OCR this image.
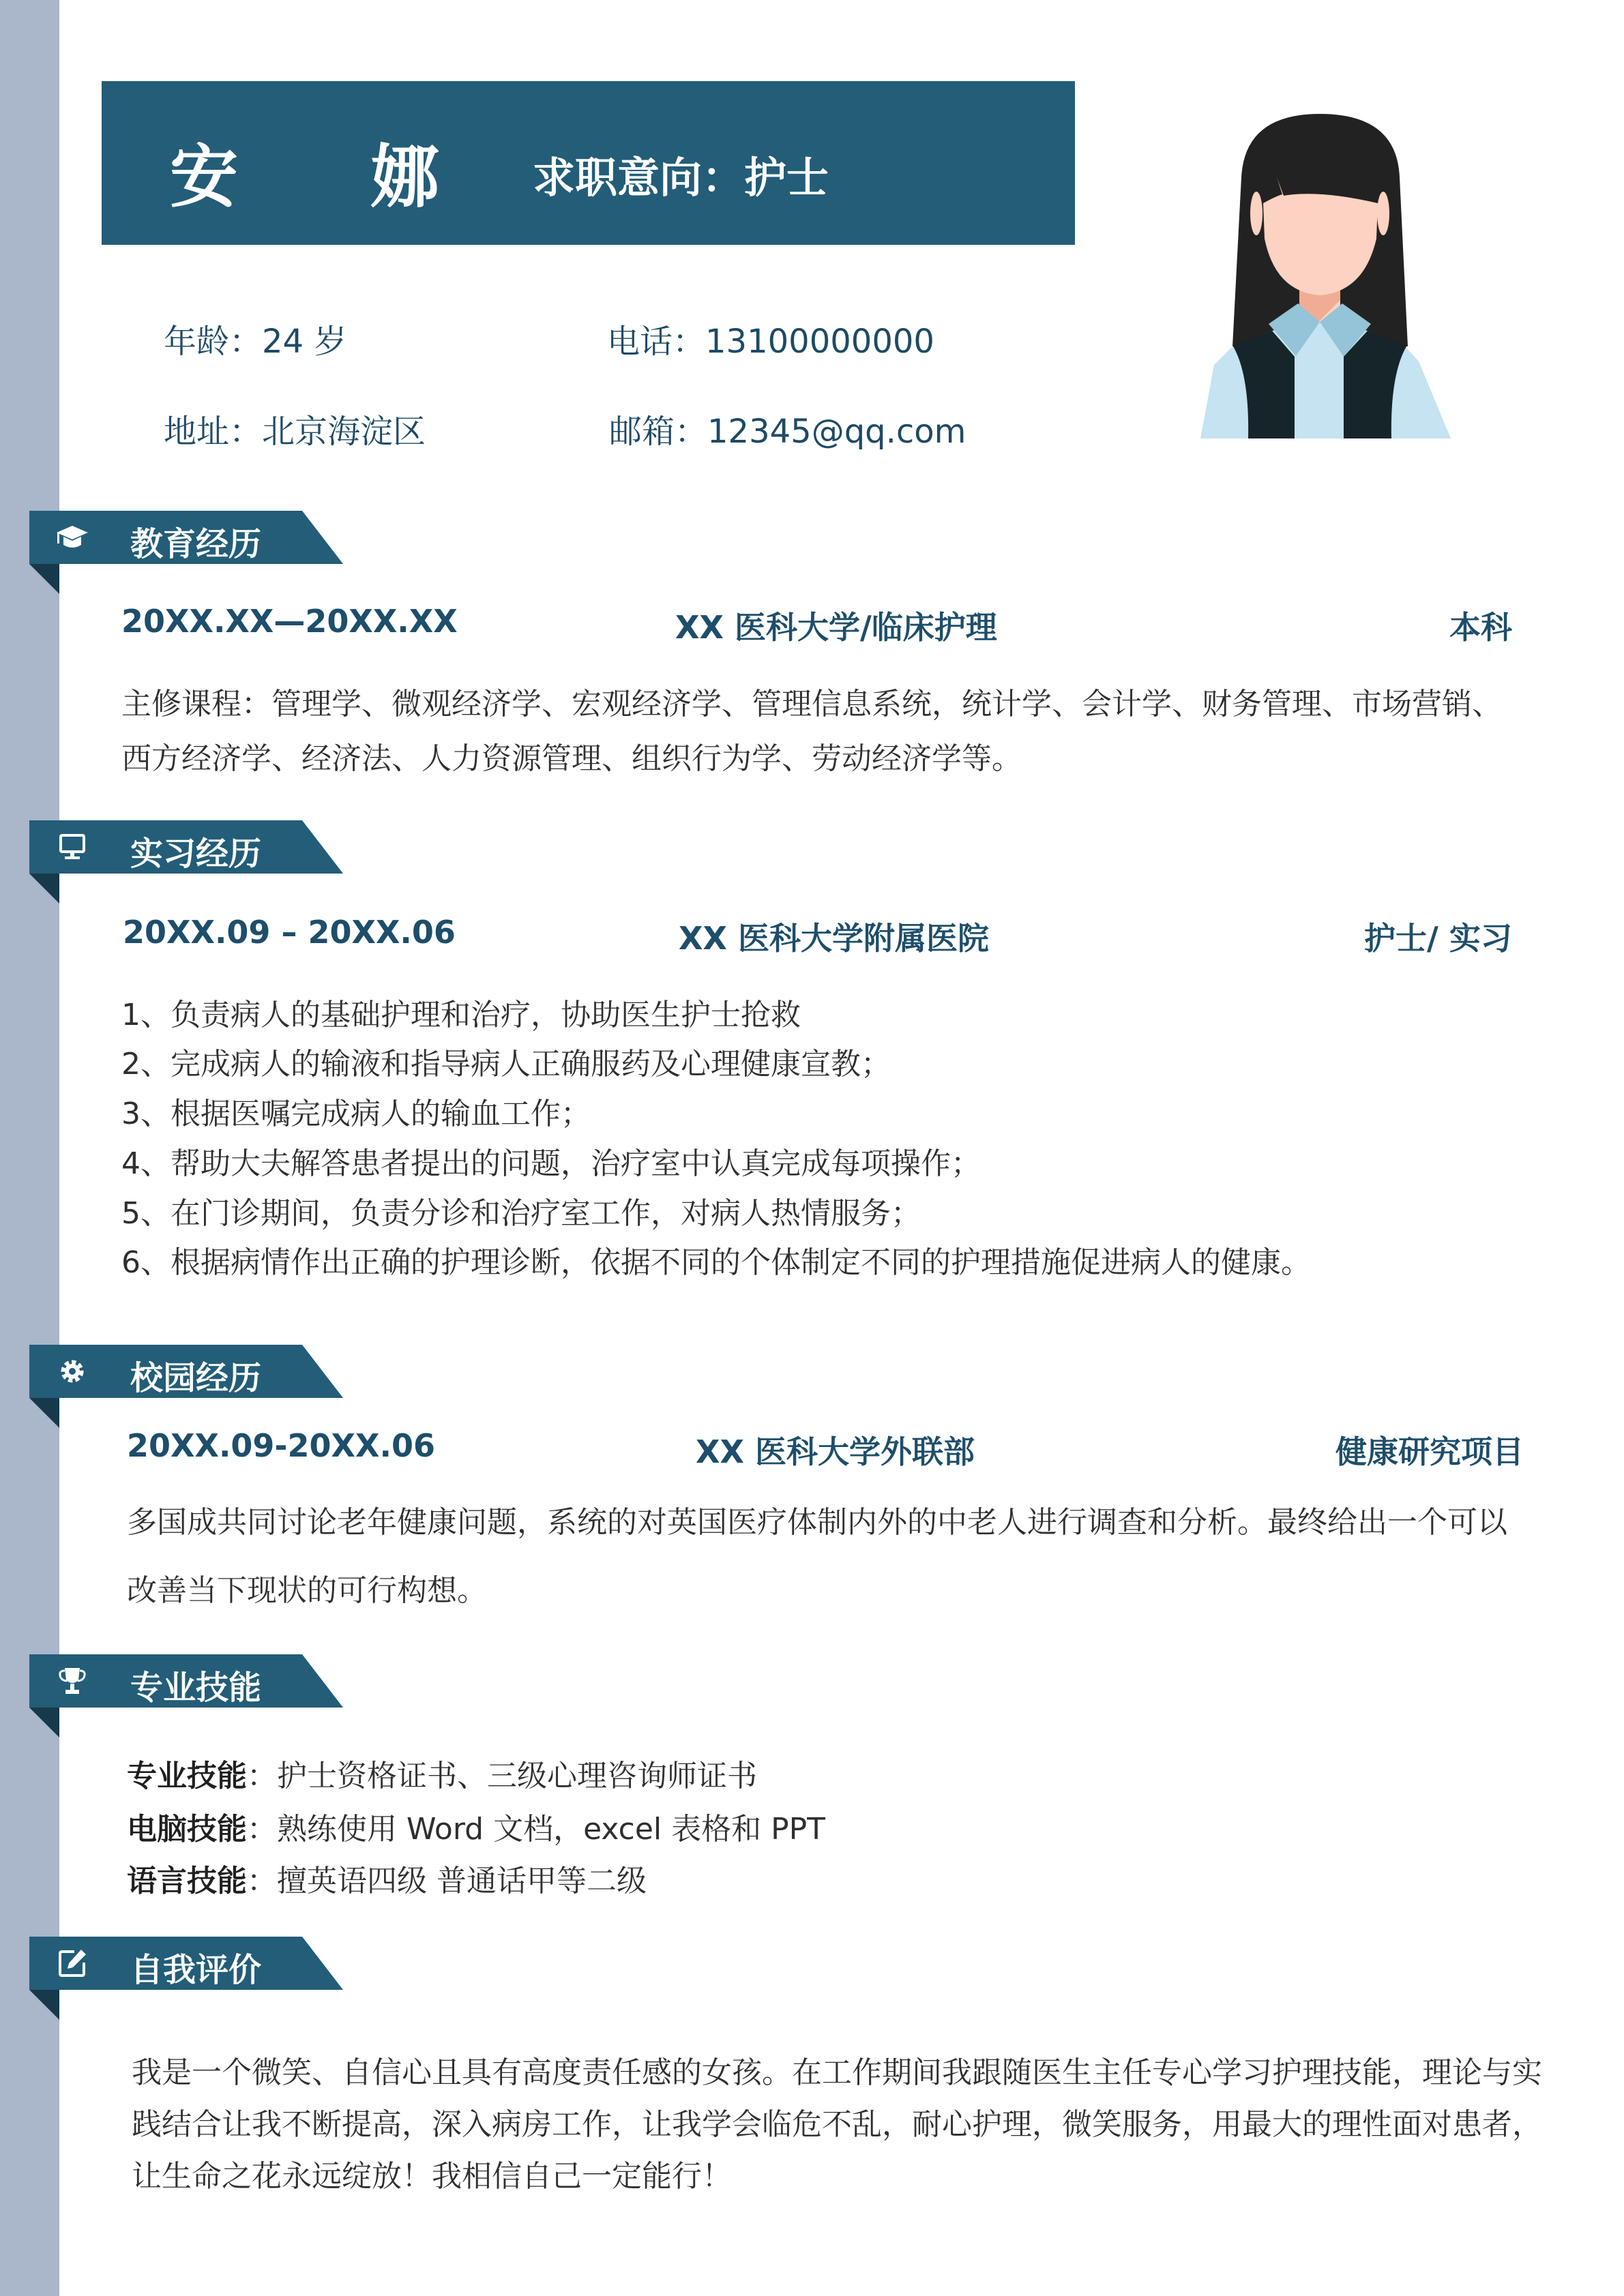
安 娜 求职意向：护士
年龄：24 岁	电话：13100000000
地址：北京海淀区	邮箱：12345@qq.com
教育经历
20XX.XX—20XX.XX	XX 医科大学/临床护理	本科
主修课程：管理学、微观经济学、宏观经济学、管理信息系统，统计学、会计学、财务管理、市场营销、
西方经济学、经济法、人力资源管理、组织行为学、劳动经济学等。
实习经历
20XX.09 – 20XX.06	XX 医科大学附属医院	护士/ 实习
1、负责病人的基础护理和治疗，协助医生护士抢救
2、完成病人的输液和指导病人正确服药及心理健康宣教；
3、根据医嘱完成病人的输血工作；
4、帮助大夫解答患者提出的问题，治疗室中认真完成每项操作；
5、在门诊期间，负责分诊和治疗室工作，对病人热情服务；
6、根据病情作出正确的护理诊断，依据不同的个体制定不同的护理措施促进病人的健康。
校园经历
20XX.09-20XX.06	XX 医科大学外联部	健康研究项目
多国成共同讨论老年健康问题，系统的对英国医疗体制内外的中老人进行调查和分析。最终给出一个可以
改善当下现状的可行构想。
专业技能
专业技能：护士资格证书、三级心理咨询师证书
电脑技能：熟练使用 Word 文档，excel 表格和 PPT
语言技能：擅英语四级 普通话甲等二级
自我评价
我是一个微笑、自信心且具有高度责任感的女孩。在工作期间我跟随医生主任专心学习护理技能，理论与实
践结合让我不断提高，深入病房工作，让我学会临危不乱，耐心护理，微笑服务，用最大的理性面对患者，
让生命之花永远绽放！我相信自己一定能行！
